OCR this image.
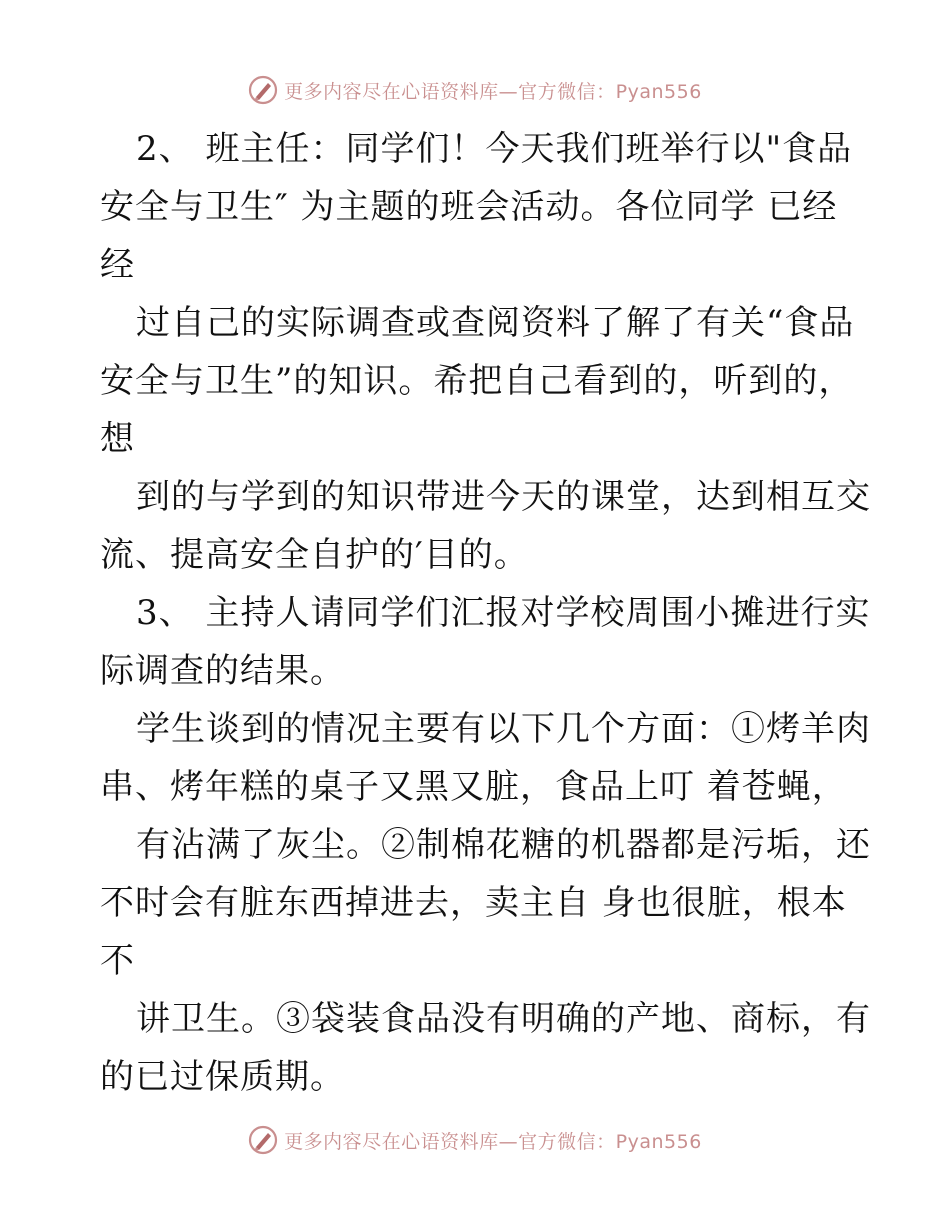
更多内容尽在心语资料库—官方微信：Pyan556
2、 班主任：同学们！今天我们班举行以"食品
安全与卫生″ 为主题的班会活动。各位同学 已经
经
过自己的实际调查或查阅资料了解了有关“食品
安全与卫生”的知识。希把自己看到的，听到的，
想
到的与学到的知识带进今天的课堂，达到相互交
流、提高安全自护的′目的。
3、 主持人请同学们汇报对学校周围小摊进行实
际调查的结果。
学生谈到的情况主要有以下几个方面：①烤羊肉
串、烤年糕的桌子又黑又脏，食品上叮 着苍蝇，
有沾满了灰尘。②制棉花糖的机器都是污垢，还
不时会有脏东西掉进去，卖主自 身也很脏，根本
不
讲卫生。③袋装食品没有明确的产地、商标，有
的已过保质期。
更多内容尽在心语资料库—官方微信：Pyan556
